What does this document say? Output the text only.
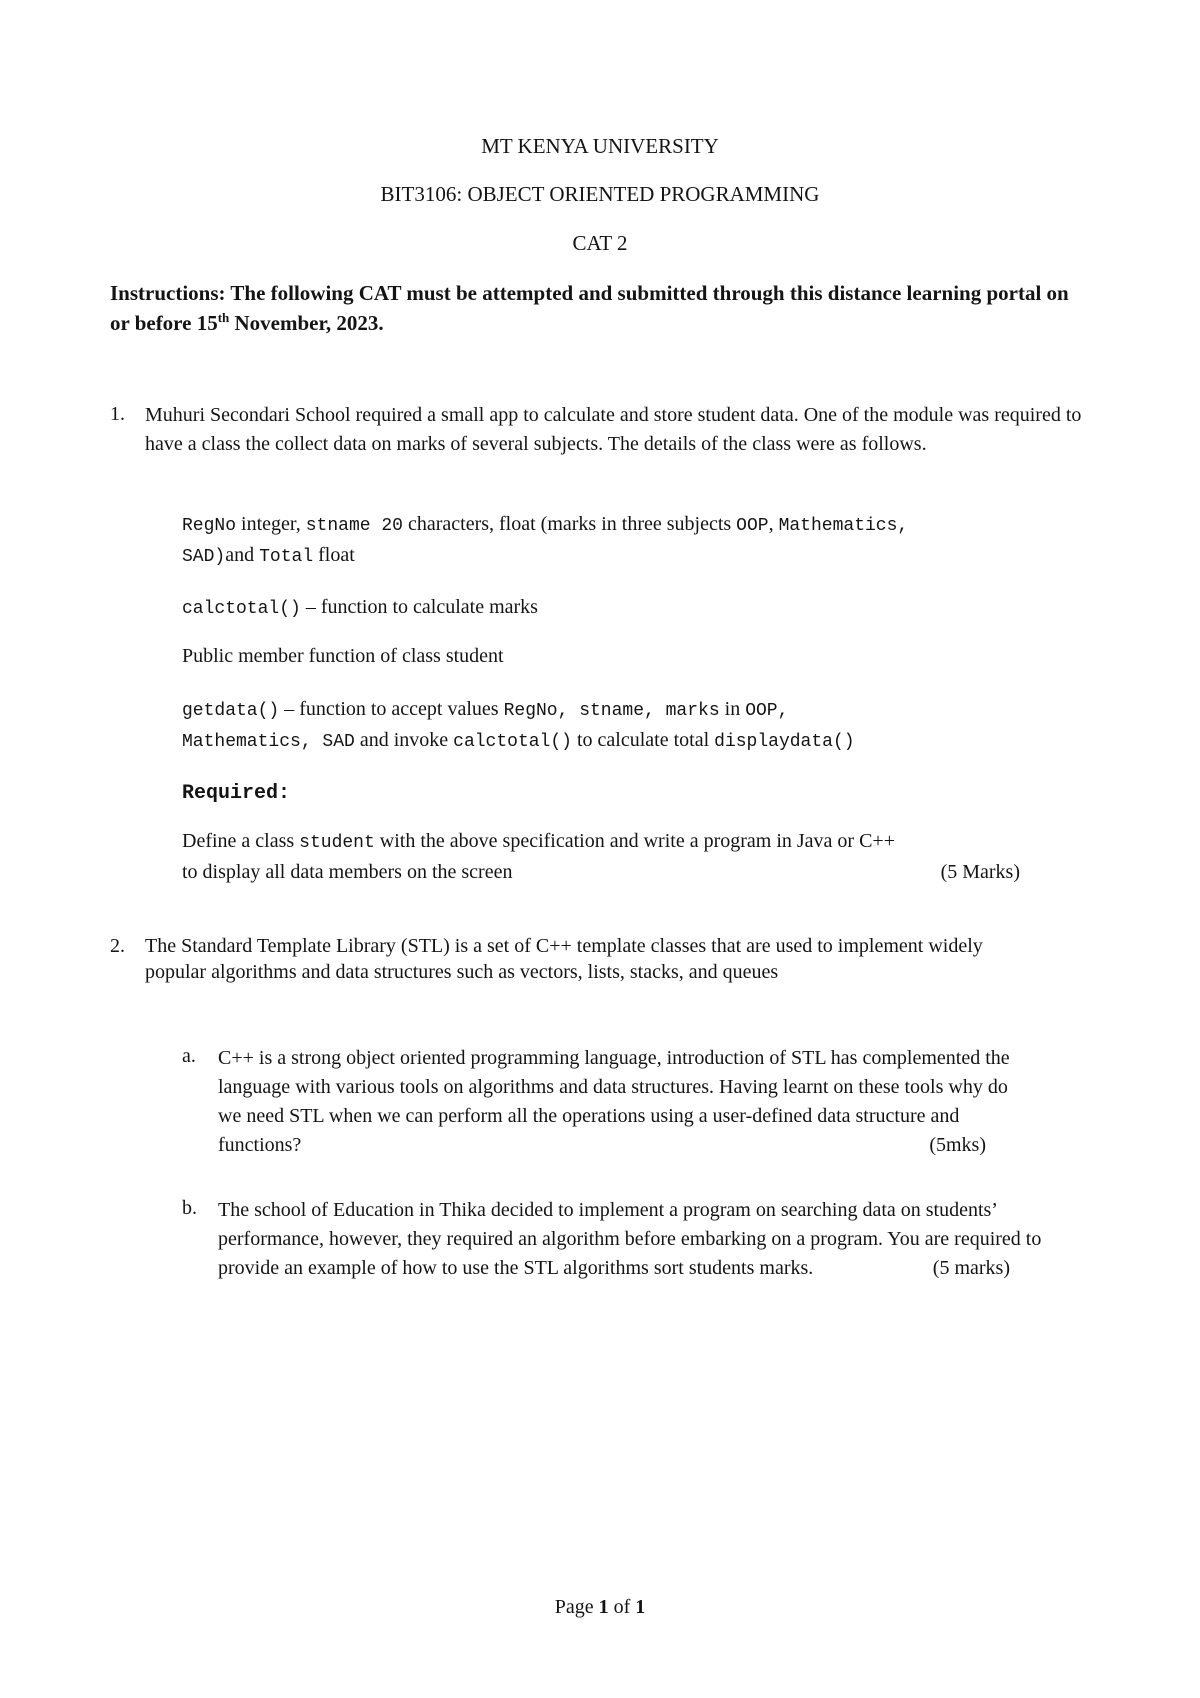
MT KENYA UNIVERSITY
BIT3106: OBJECT ORIENTED PROGRAMMING
CAT 2
Instructions: The following CAT must be attempted and submitted through this distance learning portal on or before 15th November, 2023.
1. Muhuri Secondari School required a small app to calculate and store student data. One of the module was required to have a class the collect data on marks of several subjects. The details of the class were as follows.
RegNo integer, stname 20 characters, float (marks in three subjects OOP, Mathematics,
SAD)and Total float
calctotal() – function to calculate marks
Public member function of class student
getdata() – function to accept values RegNo, stname, marks in OOP,
Mathematics, SAD and invoke calctotal() to calculate total displaydata()
Required:
Define a class student with the above specification and write a program in Java or C++
to display all data members on the screen	(5 Marks)
2. The Standard Template Library (STL) is a set of C++ template classes that are used to implement widely popular algorithms and data structures such as vectors, lists, stacks, and queues
a. C++ is a strong object oriented programming language, introduction of STL has complemented the language with various tools on algorithms and data structures. Having learnt on these tools why do we need STL when we can perform all the operations using a user-defined data structure and functions?	(5mks)
b. The school of Education in Thika decided to implement a program on searching data on students’ performance, however, they required an algorithm before embarking on a program. You are required to provide an example of how to use the STL algorithms sort students marks.	(5 marks)
Page 1 of 1
